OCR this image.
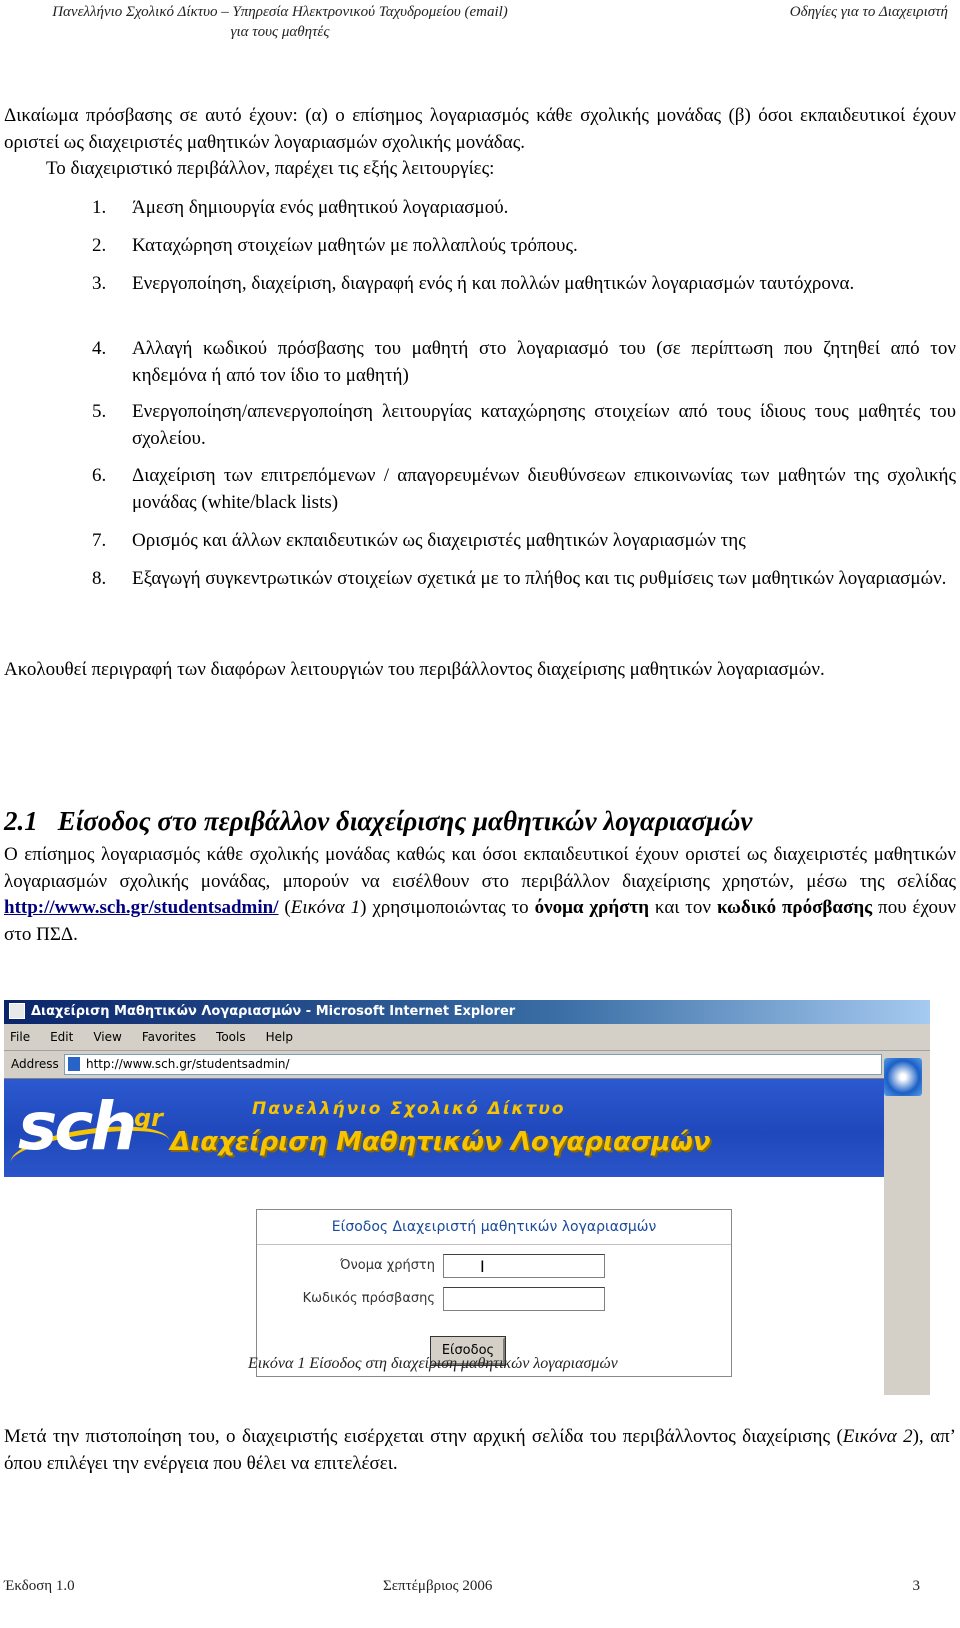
Πανελλήνιο Σχολικό Δίκτυο – Υπηρεσία Ηλεκτρονικού Ταχυδρομείου (email)
για τους μαθητές
Οδηγίες για το Διαχειριστή

Δικαίωμα πρόσβασης σε αυτό έχουν: (α) ο επίσημος λογαριασμός κάθε σχολικής μονάδας (β) όσοι εκπαιδευτικοί έχουν οριστεί ως διαχειριστές μαθητικών λογαριασμών σχολικής μονάδας.

Το διαχειριστικό περιβάλλον, παρέχει τις εξής λειτουργίες:

1. Άμεση δημιουργία ενός μαθητικού λογαριασμού.
2. Καταχώρηση στοιχείων μαθητών με πολλαπλούς τρόπους.
3. Ενεργοποίηση, διαχείριση, διαγραφή ενός ή και πολλών μαθητικών λογαριασμών ταυτόχρονα.
4. Αλλαγή κωδικού πρόσβασης του μαθητή στο λογαριασμό του (σε περίπτωση που ζητηθεί από τον κηδεμόνα ή από τον ίδιο το μαθητή)
5. Ενεργοποίηση/απενεργοποίηση λειτουργίας καταχώρησης στοιχείων από τους ίδιους τους μαθητές του σχολείου.
6. Διαχείριση των επιτρεπόμενων / απαγορευμένων διευθύνσεων επικοινωνίας των μαθητών της σχολικής μονάδας (white/black lists)
7. Ορισμός και άλλων εκπαιδευτικών ως διαχειριστές μαθητικών λογαριασμών της
8. Εξαγωγή συγκεντρωτικών στοιχείων σχετικά με το πλήθος και τις ρυθμίσεις των μαθητικών λογαριασμών.

Ακολουθεί περιγραφή των διαφόρων λειτουργιών του περιβάλλοντος διαχείρισης μαθητικών λογαριασμών.

2.1 Είσοδος στο περιβάλλον διαχείρισης μαθητικών λογαριασμών

Ο επίσημος λογαριασμός κάθε σχολικής μονάδας καθώς και όσοι εκπαιδευτικοί έχουν οριστεί ως διαχειριστές μαθητικών λογαριασμών σχολικής μονάδας, μπορούν να εισέλθουν στο περιβάλλον διαχείρισης χρηστών, μέσω της σελίδας http://www.sch.gr/studentsadmin/ (Εικόνα 1) χρησιμοποιώντας το όνομα χρήστη και τον κωδικό πρόσβασης που έχουν στο ΠΣΔ.

Διαχείριση Μαθητικών Λογαριασμών - Microsoft Internet Explorer
File Edit View Favorites Tools Help
Address	http://www.sch.gr/studentsadmin/
sch gr	Πανελλήνιο Σχολικό Δίκτυο
Διαχείριση Μαθητικών Λογαριασμών
Είσοδος Διαχειριστή μαθητικών λογαριασμών
Όνομα χρήστη	I
Κωδικός πρόσβασης
Είσοδος
Εικόνα 1 Είσοδος στη διαχείριση μαθητικών λογαριασμών

Μετά την πιστοποίηση του, ο διαχειριστής εισέρχεται στην αρχική σελίδα του περιβάλλοντος διαχείρισης (Εικόνα 2), απ’ όπου επιλέγει την ενέργεια που θέλει να επιτελέσει.

Έκδοση 1.0	Σεπτέμβριος 2006	3
